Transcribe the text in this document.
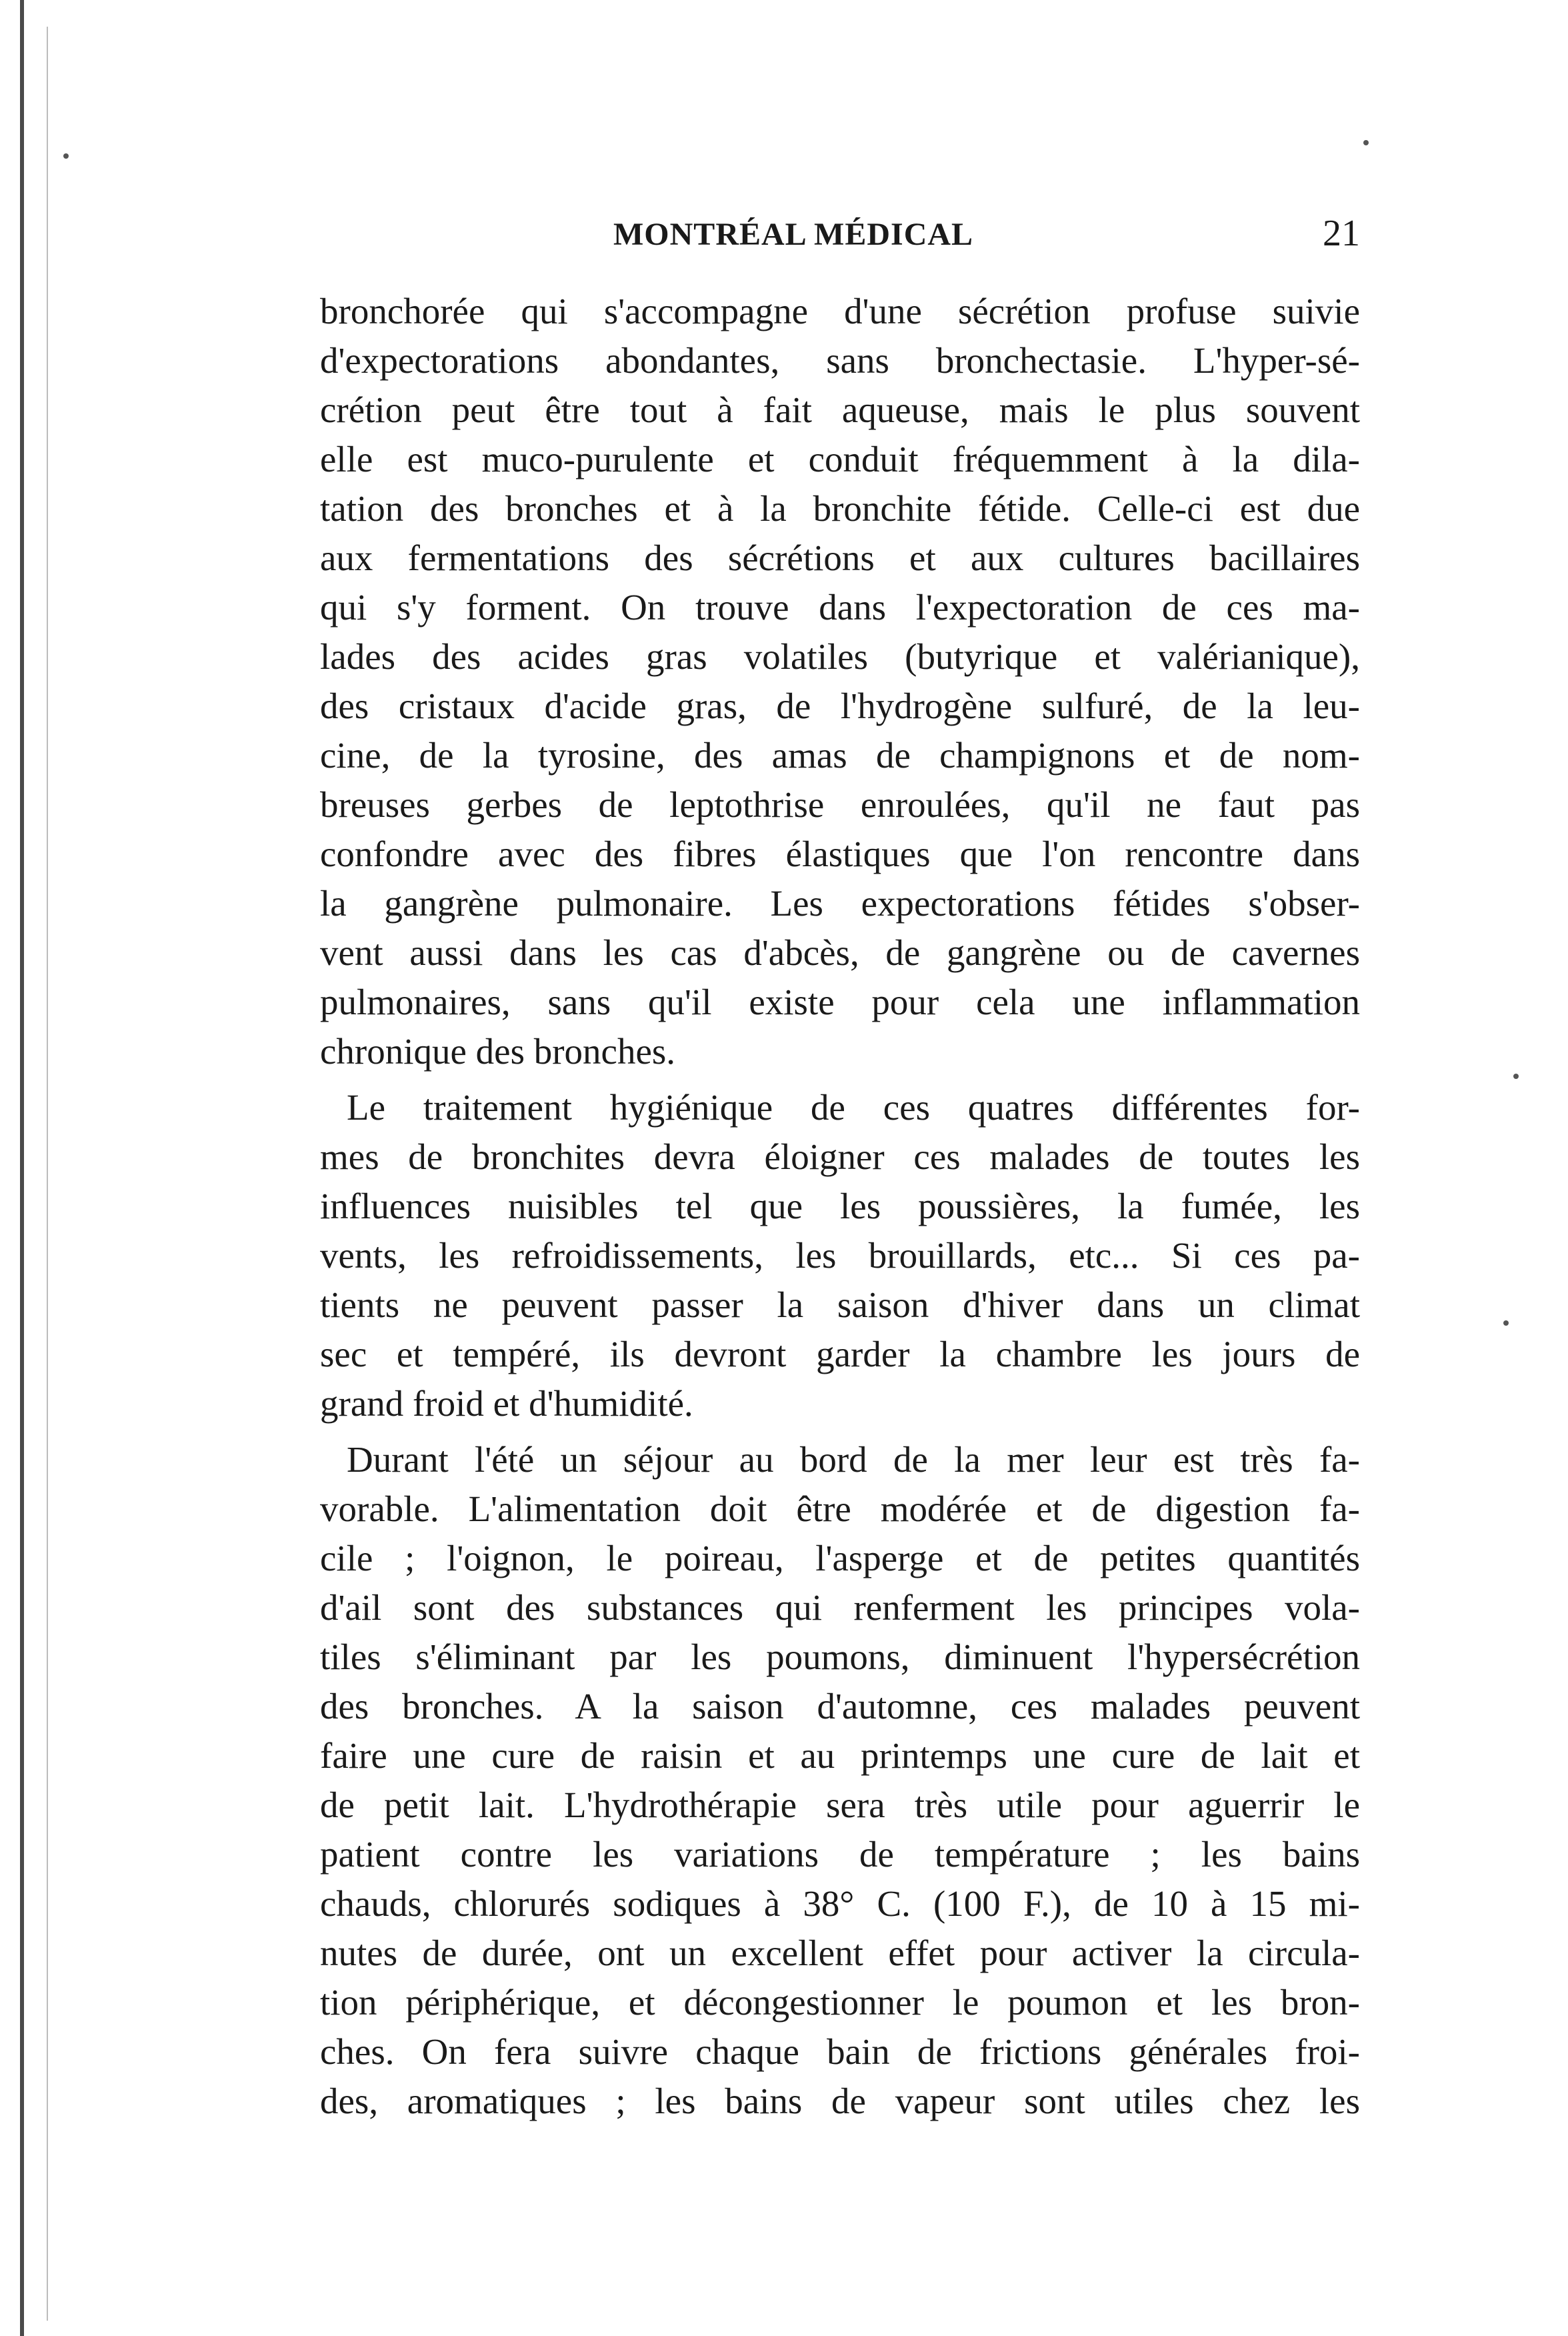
MONTRÉAL MÉDICAL	21
bronchorée qui s'accompagne d'une sécrétion profuse suivie
d'expectorations abondantes, sans bronchectasie. L'hyper-sé-
crétion peut être tout à fait aqueuse, mais le plus souvent
elle est muco-purulente et conduit fréquemment à la dila-
tation des bronches et à la bronchite fétide. Celle-ci est due
aux fermentations des sécrétions et aux cultures bacillaires
qui s'y forment. On trouve dans l'expectoration de ces ma-
lades des acides gras volatiles (butyrique et valérianique),
des cristaux d'acide gras, de l'hydrogène sulfuré, de la leu-
cine, de la tyrosine, des amas de champignons et de nom-
breuses gerbes de leptothrise enroulées, qu'il ne faut pas
confondre avec des fibres élastiques que l'on rencontre dans
la gangrène pulmonaire. Les expectorations fétides s'obser-
vent aussi dans les cas d'abcès, de gangrène ou de cavernes
pulmonaires, sans qu'il existe pour cela une inflammation
chronique des bronches.
Le traitement hygiénique de ces quatres différentes for-
mes de bronchites devra éloigner ces malades de toutes les
influences nuisibles tel que les poussières, la fumée, les
vents, les refroidissements, les brouillards, etc... Si ces pa-
tients ne peuvent passer la saison d'hiver dans un climat
sec et tempéré, ils devront garder la chambre les jours de
grand froid et d'humidité.
Durant l'été un séjour au bord de la mer leur est très fa-
vorable. L'alimentation doit être modérée et de digestion fa-
cile ; l'oignon, le poireau, l'asperge et de petites quantités
d'ail sont des substances qui renferment les principes vola-
tiles s'éliminant par les poumons, diminuent l'hypersécrétion
des bronches. A la saison d'automne, ces malades peuvent
faire une cure de raisin et au printemps une cure de lait et
de petit lait. L'hydrothérapie sera très utile pour aguerrir le
patient contre les variations de température ; les bains
chauds, chlorurés sodiques à 38° C. (100 F.), de 10 à 15 mi-
nutes de durée, ont un excellent effet pour activer la circula-
tion périphérique, et décongestionner le poumon et les bron-
ches. On fera suivre chaque bain de frictions générales froi-
des, aromatiques ; les bains de vapeur sont utiles chez les
